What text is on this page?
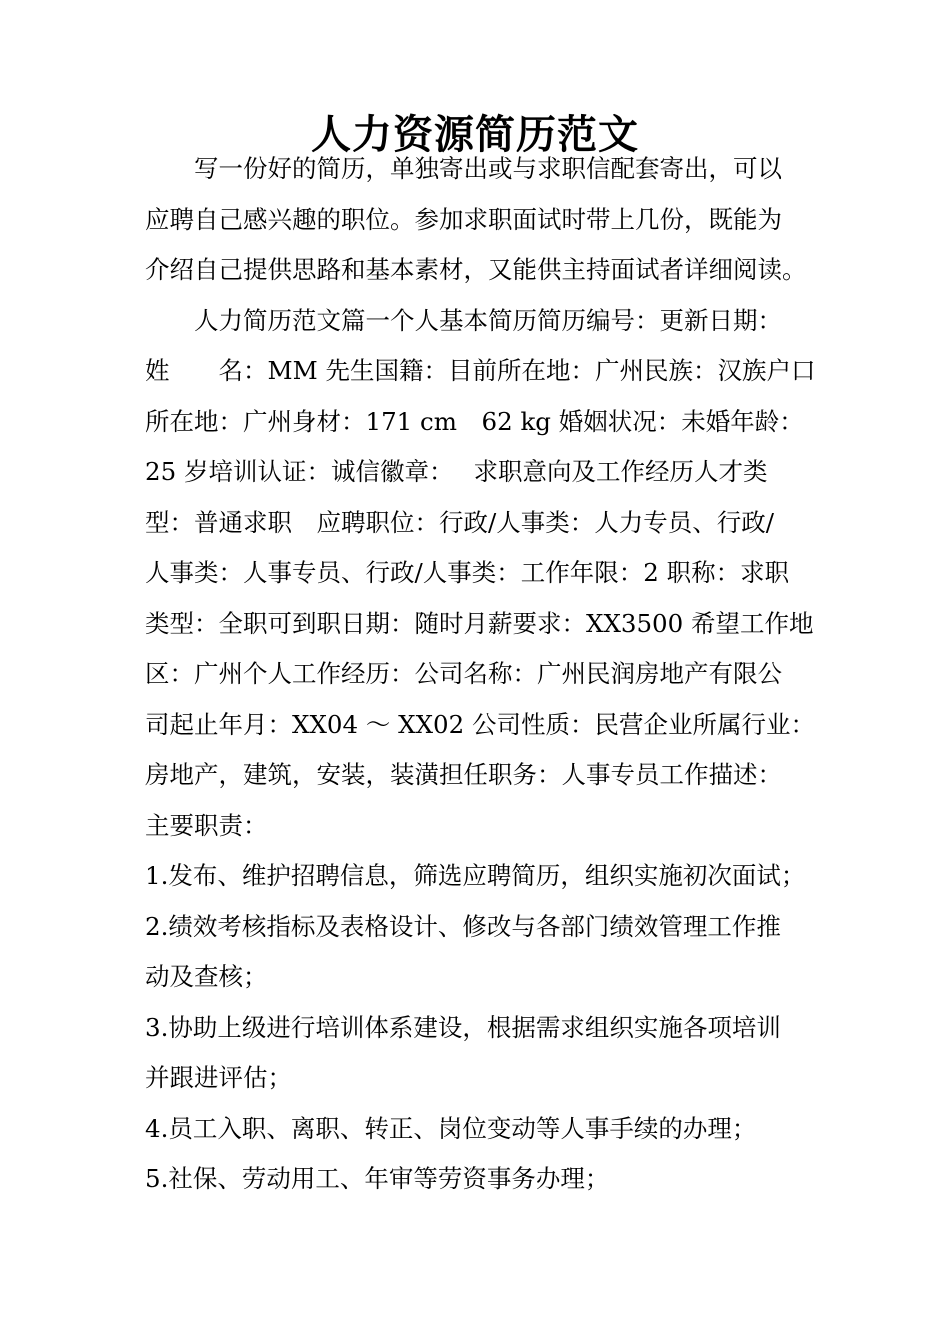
人力资源简历范文

写一份好的简历，单独寄出或与求职信配套寄出，可以
应聘自己感兴趣的职位。参加求职面试时带上几份，既能为
介绍自己提供思路和基本素材，又能供主持面试者详细阅读。

人力简历范文篇一个人基本简历简历编号：更新日期：
姓　　名：MM 先生国籍：目前所在地：广州民族：汉族户口
所在地：广州身材：171 cm　62 kg 婚姻状况：未婚年龄：
25 岁培训认证：诚信徽章：　 求职意向及工作经历人才类
型：普通求职　应聘职位：行政/人事类：人力专员、行政/
人事类：人事专员、行政/人事类：工作年限：2 职称：求职
类型：全职可到职日期：随时月薪要求：XX3500 希望工作地
区：广州个人工作经历：公司名称：广州民润房地产有限公
司起止年月：XX04 ～ XX02 公司性质：民营企业所属行业：
房地产，建筑，安装，装潢担任职务：人事专员工作描述：
主要职责：

1.发布、维护招聘信息，筛选应聘简历，组织实施初次面试；
2.绩效考核指标及表格设计、修改与各部门绩效管理工作推
动及查核；
3.协助上级进行培训体系建设，根据需求组织实施各项培训
并跟进评估；
4.员工入职、离职、转正、岗位变动等人事手续的办理；
5.社保、劳动用工、年审等劳资事务办理；
